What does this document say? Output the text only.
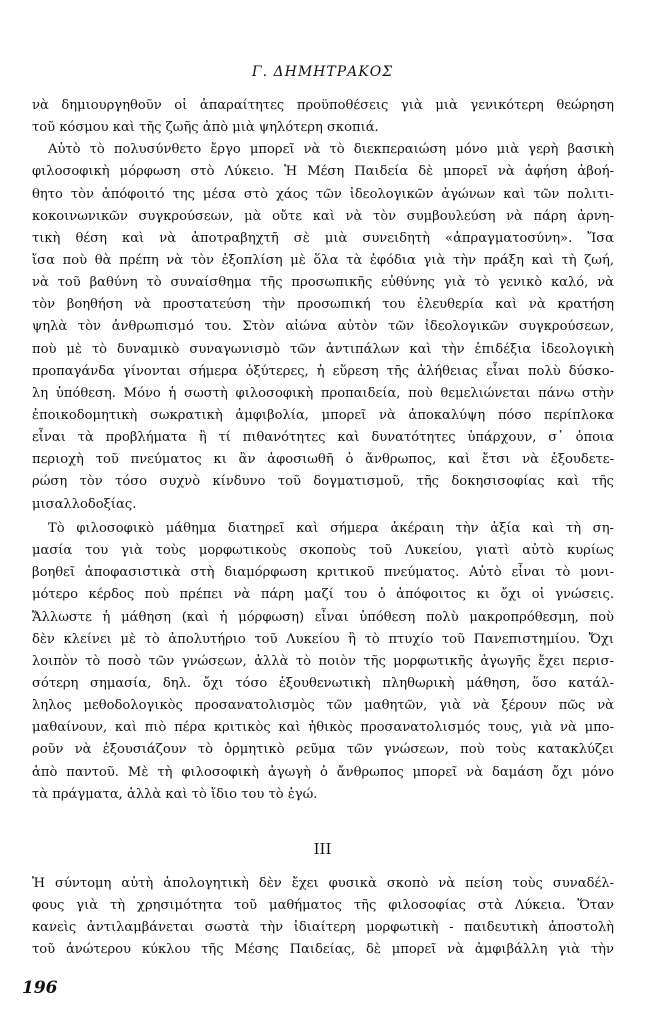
Γ. ΔΗΜΗΤΡΑΚΟΣ
νὰ δημιουργηθοῦν οἱ ἀπαραίτητες προϋποθέσεις γιὰ μιὰ γενικότερη θεώρηση
τοῦ κόσμου καὶ τῆς ζωῆς ἀπὸ μιὰ ψηλότερη σκοπιά.
Αὐτὸ τὸ πολυσύνθετο ἔργο μπορεῖ νὰ τὸ διεκπεραιώση μόνο μιὰ γερὴ βασικὴ
φιλοσοφικὴ μόρφωση στὸ Λύκειο. Ἡ Μέση Παιδεία δὲ μπορεῖ νὰ ἀφήση ἀβοή-
θητο τὸν ἀπόφοιτό της μέσα στὸ χάος τῶν ἰδεολογικῶν ἀγώνων καὶ τῶν πολιτι-
κοκοινωνικῶν συγκρούσεων, μὰ οὔτε καὶ νὰ τὸν συμβουλεύση νὰ πάρη ἀρνη-
τικὴ θέση καὶ νὰ ἀποτραβηχτῆ σὲ μιὰ συνειδητὴ «ἀπραγματοσύνη». Ἴσα
ἴσα ποὺ θὰ πρέπη νὰ τὸν ἐξοπλίση μὲ ὅλα τὰ ἐφόδια γιὰ τὴν πράξη καὶ τὴ ζωή,
νὰ τοῦ βαθύνη τὸ συναίσθημα τῆς προσωπικῆς εὐθύνης γιὰ τὸ γενικὸ καλό, νὰ
τὸν βοηθήση νὰ προστατεύση τὴν προσωπική του ἐλευθερία καὶ νὰ κρατήση
ψηλὰ τὸν ἀνθρωπισμό του. Στὸν αἰώνα αὐτὸν τῶν ἰδεολογικῶν συγκρούσεων,
ποὺ μὲ τὸ δυναμικὸ συναγωνισμὸ τῶν ἀντιπάλων καὶ τὴν ἐπιδέξια ἰδεολογικὴ
προπαγάνδα γίνονται σήμερα ὀξύτερες, ἡ εὕρεση τῆς ἀλήθειας εἶναι πολὺ δύσκο-
λη ὑπόθεση. Μόνο ἡ σωστὴ φιλοσοφικὴ προπαιδεία, ποὺ θεμελιώνεται πάνω στὴν
ἐποικοδομητικὴ σωκρατικὴ ἀμφιβολία, μπορεῖ νὰ ἀποκαλύψη πόσο περίπλοκα
εἶναι τὰ προβλήματα ἢ τί πιθανότητες καὶ δυνατότητες ὑπάρχουν, σ᾽ ὁποια
περιοχὴ τοῦ πνεύματος κι ἂν ἀφοσιωθῆ ὁ ἄνθρωπος, καὶ ἔτσι νὰ ἐξουδετε-
ρώση τὸν τόσο συχνὸ κίνδυνο τοῦ δογματισμοῦ, τῆς δοκησισοφίας καὶ τῆς
μισαλλοδοξίας.
Τὸ φιλοσοφικὸ μάθημα διατηρεῖ καὶ σήμερα ἀκέραιη τὴν ἀξία καὶ τὴ ση-
μασία του γιὰ τοὺς μορφωτικοὺς σκοποὺς τοῦ Λυκείου, γιατὶ αὐτὸ κυρίως
βοηθεῖ ἀποφασιστικὰ στὴ διαμόρφωση κριτικοῦ πνεύματος. Αὐτὸ εἶναι τὸ μονι-
μότερο κέρδος ποὺ πρέπει νὰ πάρη μαζί του ὁ ἀπόφοιτος κι ὄχι οἱ γνώσεις.
Ἄλλωστε ἡ μάθηση (καὶ ἡ μόρφωση) εἶναι ὑπόθεση πολὺ μακροπρόθεσμη, ποὺ
δὲν κλείνει μὲ τὸ ἀπολυτήριο τοῦ Λυκείου ἢ τὸ πτυχίο τοῦ Πανεπιστημίου. Ὄχι
λοιπὸν τὸ ποσὸ τῶν γνώσεων, ἀλλὰ τὸ ποιὸν τῆς μορφωτικῆς ἀγωγῆς ἔχει περισ-
σότερη σημασία, δηλ. ὄχι τόσο ἐξουθενωτικὴ πληθωρικὴ μάθηση, ὅσο κατάλ-
ληλος μεθοδολογικὸς προσανατολισμὸς τῶν μαθητῶν, γιὰ νὰ ξέρουν πῶς νὰ
μαθαίνουν, καὶ πιὸ πέρα κριτικὸς καὶ ἠθικὸς προσανατολισμός τους, γιὰ νὰ μπο-
ροῦν νὰ ἐξουσιάζουν τὸ ὁρμητικὸ ρεῦμα τῶν γνώσεων, ποὺ τοὺς κατακλύζει
ἀπὸ παντοῦ. Μὲ τὴ φιλοσοφικὴ ἀγωγὴ ὁ ἄνθρωπος μπορεῖ νὰ δαμάση ὄχι μόνο
τὰ πράγματα, ἀλλὰ καὶ τὸ ἴδιο του τὸ ἐγώ.
III
Ἡ σύντομη αὐτὴ ἀπολογητικὴ δὲν ἔχει φυσικὰ σκοπὸ νὰ πείση τοὺς συναδέλ-
φους γιὰ τὴ χρησιμότητα τοῦ μαθήματος τῆς φιλοσοφίας στὰ Λύκεια. Ὅταν
κανεὶς ἀντιλαμβάνεται σωστὰ τὴν ἰδιαίτερη μορφωτικὴ - παιδευτικὴ ἀποστολὴ
τοῦ ἀνώτερου κύκλου τῆς Μέσης Παιδείας, δὲ μπορεῖ νὰ ἀμφιβάλλη γιὰ τὴν
196
